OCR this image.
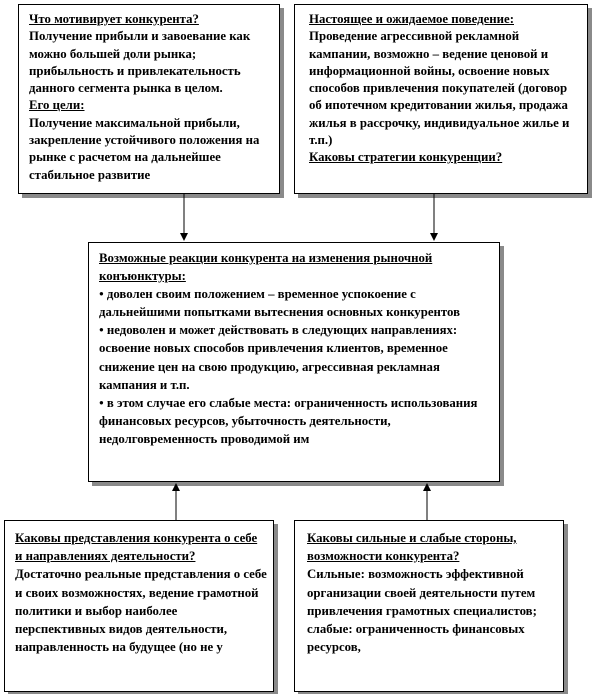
Что мотивирует конкурента?

Получение прибыли и завоевание как можно большей доли рынка; прибыльность и привлекательность данного сегмента рынка в целом.

Его цели:

Получение максимальной прибыли, закрепление устойчивого положения на рынке с расчетом на дальнейшее стабильное развитие

Настоящее и ожидаемое поведение:

Проведение агрессивной рекламной кампании, возможно – ведение ценовой и информационной войны, освоение новых способов привлечения покупателей (договор об ипотечном кредитовании жилья, продажа жилья в рассрочку, индивидуальное жилье и т.п.)

Каковы стратегии конкуренции?

Возможные реакции конкурента на изменения рыночной конъюнктуры:

● доволен своим положением – временное успокоение с дальнейшими попытками вытеснения основных конкурентов

● недоволен и может действовать в следующих направлениях: освоение новых способов привлечения клиентов, временное снижение цен на свою продукцию, агрессивная рекламная кампания и т.п.

● в этом случае его слабые места: ограниченность использования финансовых ресурсов, убыточность деятельности, недолговременность проводимой им

Каковы представления конкурента о себе и направлениях деятельности?

Достаточно реальные представления о себе и своих возможностях, ведение грамотной политики и выбор наиболее перспективных видов деятельности, направленность на будущее (но не у

Каковы сильные и слабые стороны, возможности конкурента?

Сильные: возможность эффективной организации своей деятельности путем привлечения грамотных специалистов;

слабые: ограниченность финансовых ресурсов,
